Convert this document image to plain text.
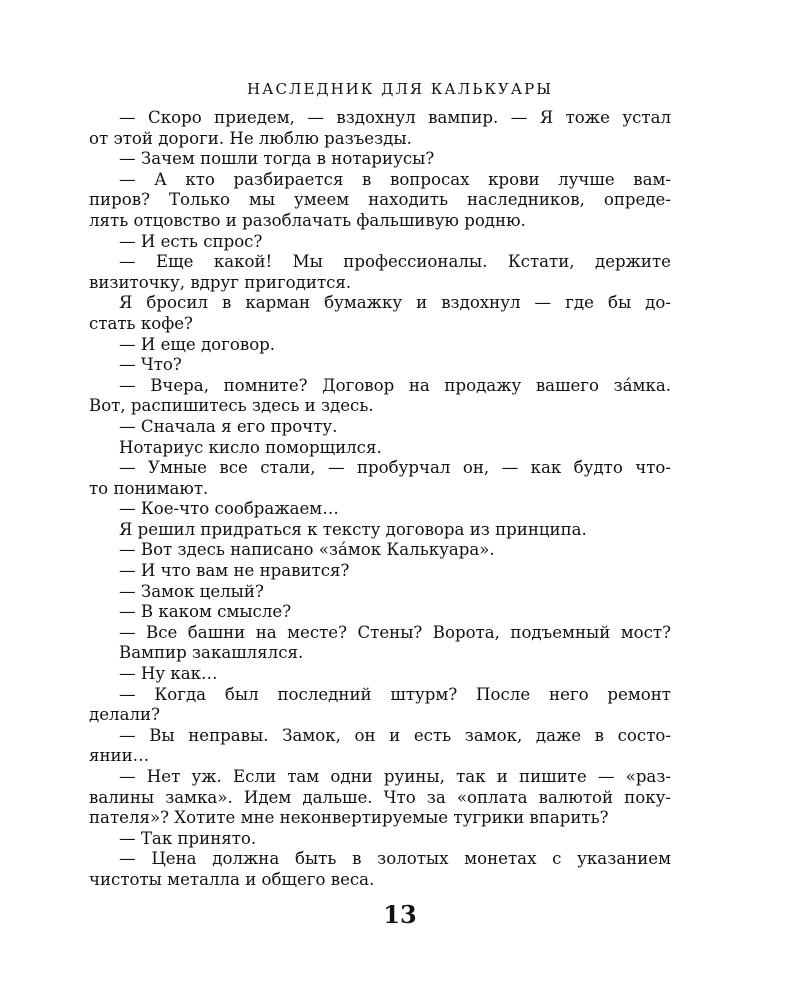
НАСЛЕДНИК ДЛЯ КАЛЬКУАРЫ
— Скоро приедем, — вздохнул вампир. — Я тоже устал
от этой дороги. Не люблю разъезды.
— Зачем пошли тогда в нотариусы?
— А кто разбирается в вопросах крови лучше вам-
пиров? Только мы умеем находить наследников, опреде-
лять отцовство и разоблачать фальшивую родню.
— И есть спрос?
— Еще какой! Мы профессионалы. Кстати, держите
визиточку, вдруг пригодится.
Я бросил в карман бумажку и вздохнул — где бы до-
стать кофе?
— И еще договор.
— Что?
— Вчера, помните? Договор на продажу вашего за́мка.
Вот, распишитесь здесь и здесь.
— Сначала я его прочту.
Нотариус кисло поморщился.
— Умные все стали, — пробурчал он, — как будто что-
то понимают.
— Кое-что соображаем…
Я решил придраться к тексту договора из принципа.
— Вот здесь написано «за́мок Калькуара».
— И что вам не нравится?
— Замок целый?
— В каком смысле?
— Все башни на месте? Стены? Ворота, подъемный мост?
Вампир закашлялся.
— Ну как…
— Когда был последний штурм? После него ремонт
делали?
— Вы неправы. Замок, он и есть замок, даже в состо-
янии…
— Нет уж. Если там одни руины, так и пишите — «раз-
валины замка». Идем дальше. Что за «оплата валютой поку-
пателя»? Хотите мне неконвертируемые тугрики впарить?
— Так принято.
— Цена должна быть в золотых монетах с указанием
чистоты металла и общего веса.
13
